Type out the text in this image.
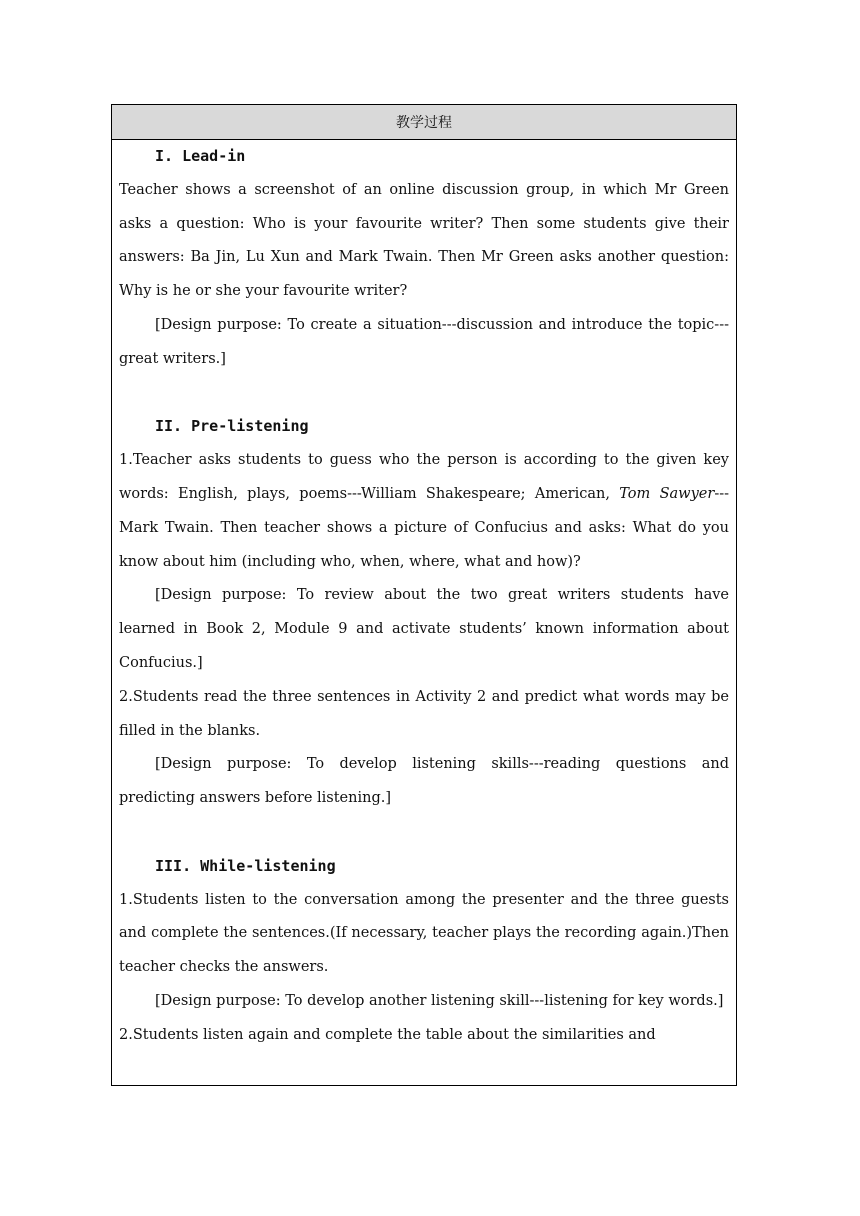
教学过程

I. Lead-in

Teacher shows a screenshot of an online discussion group, in which Mr Green asks a question: Who is your favourite writer? Then some students give their answers: Ba Jin, Lu Xun and Mark Twain. Then Mr Green asks another question: Why is he or she your favourite writer?

[Design purpose: To create a situation---discussion and introduce the topic---great writers.]

II. Pre-listening

1.Teacher asks students to guess who the person is according to the given key words: English, plays, poems---William Shakespeare; American, Tom Sawyer---Mark Twain. Then teacher shows a picture of Confucius and asks: What do you know about him (including who, when, where, what and how)?

[Design purpose: To review about the two great writers students have learned in Book 2, Module 9 and activate students’ known information about Confucius.]

2.Students read the three sentences in Activity 2 and predict what words may be filled in the blanks.

[Design purpose: To develop listening skills---reading questions and predicting answers before listening.]

III. While-listening

1.Students listen to the conversation among the presenter and the three guests and complete the sentences.(If necessary, teacher plays the recording again.)Then teacher checks the answers.

[Design purpose: To develop another listening skill---listening for key words.]

2.Students listen again and complete the table about the similarities and
